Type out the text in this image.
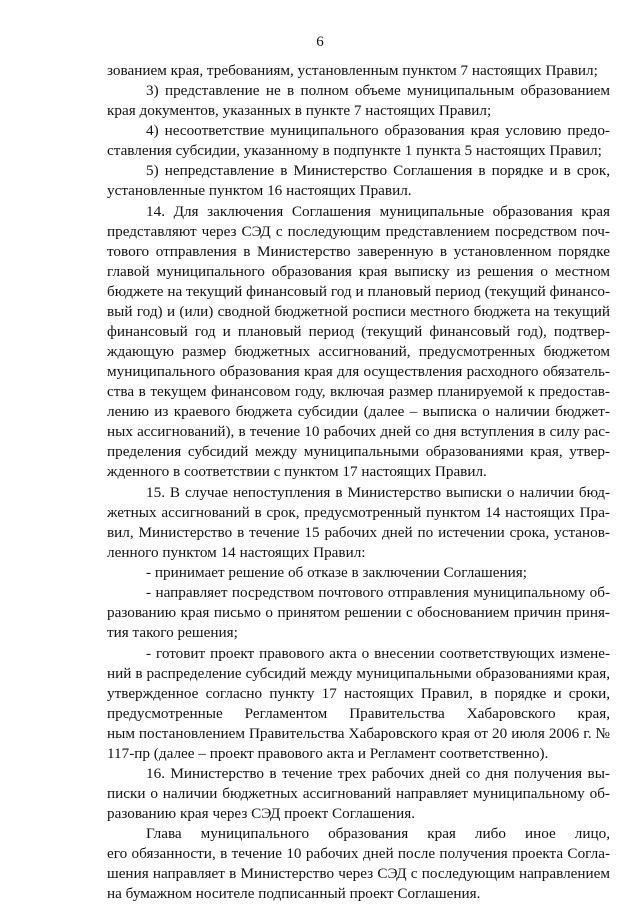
6
зованием края, требованиям, установленным пунктом 7 настоящих Правил;
3) представление не в полном объеме муниципальным образованием
края документов, указанных в пункте 7 настоящих Правил;
4) несоответствие муниципального образования края условию предо-
ставления субсидии, указанному в подпункте 1 пункта 5 настоящих Правил;
5) непредставление в Министерство Соглашения в порядке и в срок,
установленные пунктом 16 настоящих Правил.
14. Для заключения Соглашения муниципальные образования края
представляют через СЭД с последующим представлением посредством поч-
тового отправления в Министерство заверенную в установленном порядке
главой муниципального образования края выписку из решения о местном
бюджете на текущий финансовый год и плановый период (текущий финансо-
вый год) и (или) сводной бюджетной росписи местного бюджета на текущий
финансовый год и плановый период (текущий финансовый год), подтвер-
ждающую размер бюджетных ассигнований, предусмотренных бюджетом
муниципального образования края для осуществления расходного обязатель-
ства в текущем финансовом году, включая размер планируемой к предостав-
лению из краевого бюджета субсидии (далее – выписка о наличии бюджет-
ных ассигнований), в течение 10 рабочих дней со дня вступления в силу рас-
пределения субсидий между муниципальными образованиями края, утвер-
жденного в соответствии с пунктом 17 настоящих Правил.
15. В случае непоступления в Министерство выписки о наличии бюд-
жетных ассигнований в срок, предусмотренный пунктом 14 настоящих Пра-
вил, Министерство в течение 15 рабочих дней по истечении срока, установ-
ленного пунктом 14 настоящих Правил:
- принимает решение об отказе в заключении Соглашения;
- направляет посредством почтового отправления муниципальному об-
разованию края письмо о принятом решении с обоснованием причин приня-
тия такого решения;
- готовит проект правового акта о внесении соответствующих измене-
ний в распределение субсидий между муниципальными образованиями края,
утвержденное согласно пункту 17 настоящих Правил, в порядке и сроки,
предусмотренные Регламентом Правительства Хабаровского края,
ным постановлением Правительства Хабаровского края от 20 июля 2006 г. №
117-пр (далее – проект правового акта и Регламент соответственно).
16. Министерство в течение трех рабочих дней со дня получения вы-
писки о наличии бюджетных ассигнований направляет муниципальному об-
разованию края через СЭД проект Соглашения.
Глава муниципального образования края либо иное лицо,
его обязанности, в течение 10 рабочих дней после получения проекта Согла-
шения направляет в Министерство через СЭД с последующим направлением
на бумажном носителе подписанный проект Соглашения.
